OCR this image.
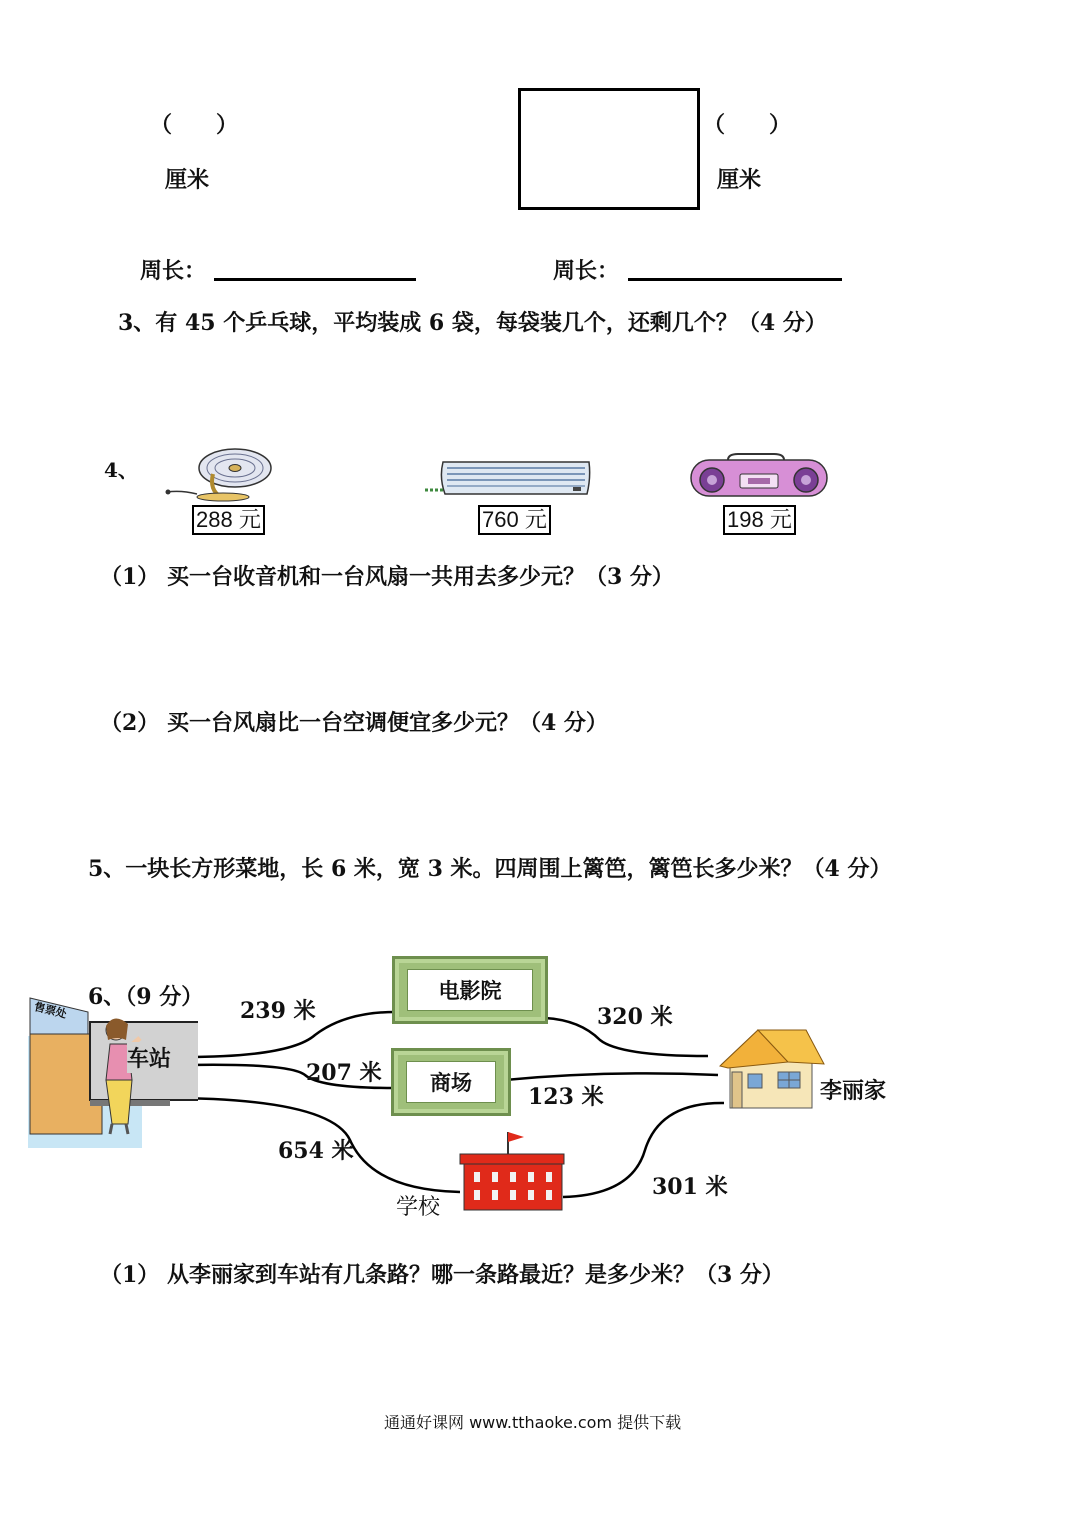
（　　）
厘米
（　　）
厘米
周长：	周长：
3、有 45 个乒乓球，平均装成 6 袋，每袋装几个，还剩几个？（4 分）
4、
288 元	760 元	198 元
（1） 买一台收音机和一台风扇一共用去多少元？（3 分）
（2） 买一台风扇比一台空调便宜多少元？（4 分）
5、一块长方形菜地，长 6 米，宽 3 米。四周围上篱笆，篱笆长多少米？（4 分）
6、（9 分）
售票处
车站
电影院
商场	李丽家
学校
239 米	320 米
207 米
123 米
654 米
301 米
（1） 从李丽家到车站有几条路？哪一条路最近？是多少米？（3 分）
通通好课网 www.tthaoke.com 提供下载
